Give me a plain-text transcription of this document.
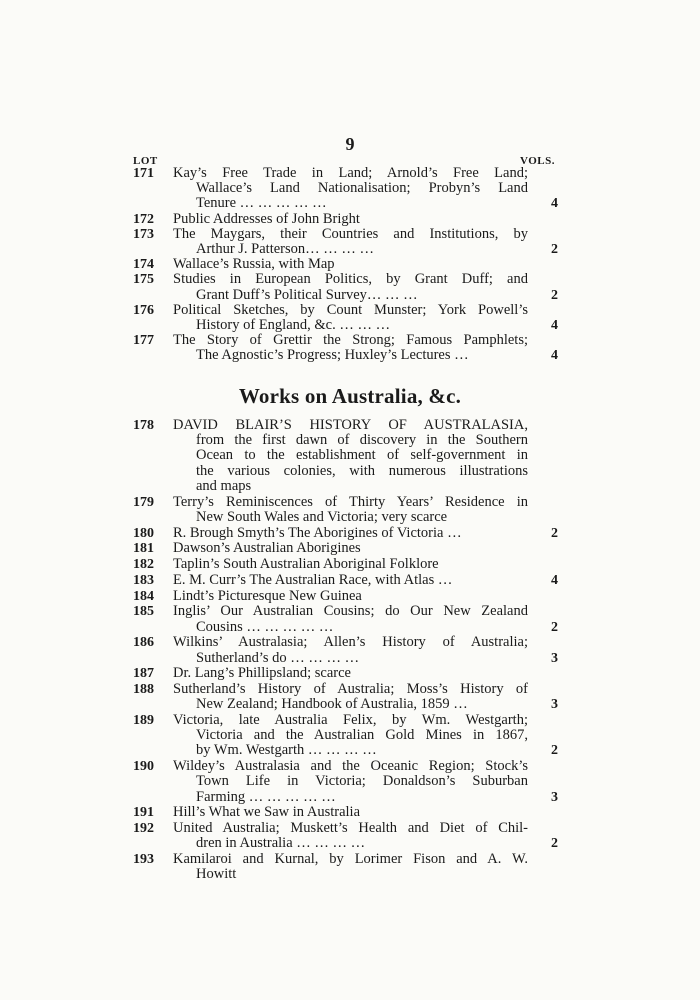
9
LOT	VOLS.
171	Kay’s Free Trade in Land; Arnold’s Free Land;
Wallace’s Land Nationalisation; Probyn’s Land
Tenure … … … … …	4
172	Public Addresses of John Bright
173	The Maygars, their Countries and Institutions, by
Arthur J. Patterson… … … …	2
174	Wallace’s Russia, with Map
175	Studies in European Politics, by Grant Duff; and
Grant Duff’s Political Survey… … …	2
176	Political Sketches, by Count Munster; York Powell’s
History of England, &c. … … …	4
177	The Story of Grettir the Strong; Famous Pamphlets;
The Agnostic’s Progress; Huxley’s Lectures …	4
Works on Australia, &c.
178	DAVID BLAIR’S HISTORY OF AUSTRALASIA,
from the first dawn of discovery in the Southern
Ocean to the establishment of self-government in
the various colonies, with numerous illustrations
and maps
179	Terry’s Reminiscences of Thirty Years’ Residence in
New South Wales and Victoria; very scarce
180	R. Brough Smyth’s The Aborigines of Victoria …	2
181	Dawson’s Australian Aborigines
182	Taplin’s South Australian Aboriginal Folklore
183	E. M. Curr’s The Australian Race, with Atlas …	4
184	Lindt’s Picturesque New Guinea
185	Inglis’ Our Australian Cousins; do Our New Zealand
Cousins … … … … …	2
186	Wilkins’ Australasia; Allen’s History of Australia;
Sutherland’s do … … … …	3
187	Dr. Lang’s Phillipsland; scarce
188	Sutherland’s History of Australia; Moss’s History of
New Zealand; Handbook of Australia, 1859 …	3
189	Victoria, late Australia Felix, by Wm. Westgarth;
Victoria and the Australian Gold Mines in 1867,
by Wm. Westgarth … … … …	2
190	Wildey’s Australasia and the Oceanic Region; Stock’s
Town Life in Victoria; Donaldson’s Suburban
Farming … … … … …	3
191	Hill’s What we Saw in Australia
192	United Australia; Muskett’s Health and Diet of Chil-
dren in Australia … … … …	2
193	Kamilaroi and Kurnal, by Lorimer Fison and A. W.
Howitt
